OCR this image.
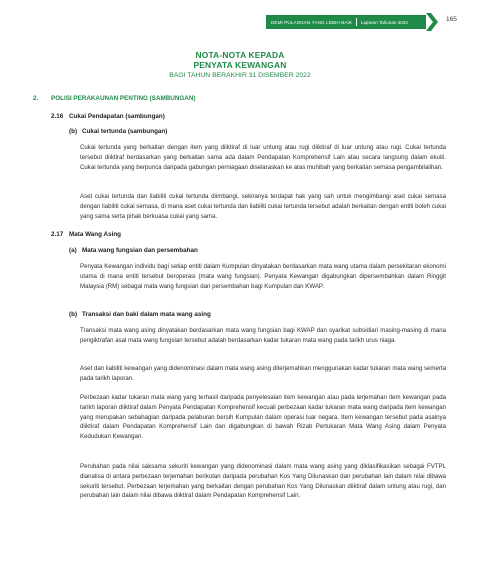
DEMI PULANGAN YANG LEBIH BAIK Laporan Tahunan 2022	165
NOTA-NOTA KEPADA
PENYATA KEWANGAN
BAGI TAHUN BERAKHIR 31 DISEMBER 2022
2. POLISI PERAKAUNAN PENTING (SAMBUNGAN)
2.16 Cukai Pendapatan (sambungan)
(b) Cukai tertunda (sambungan)
Cukai tertunda yang berkaitan dengan item yang diiktiraf di luar untung atau rugi diiktiraf di luar untung atau rugi. Cukai tertunda tersebut diiktiraf berdasarkan yang berkaitan sama ada dalam Pendapatan Komprehensif Lain atau secara langsung dalam ekuiti. Cukai tertunda yang berpunca daripada gabungan perniagaan diselaraskan ke atas muhibah yang berkaitan semasa pengambilalihan.
Aset cukai tertunda dan liabiliti cukai tertunda diimbangi, sekiranya terdapat hak yang sah untuk mengimbangi aset cukai semasa dengan liabiliti cukai semasa, di mana aset cukai tertunda dan liabiliti cukai tertunda tersebut adalah berkaitan dengan entiti boleh cukai yang sama serta pihak berkuasa cukai yang sama.
2.17 Mata Wang Asing
(a) Mata wang fungsian dan persembahan
Penyata Kewangan individu bagi setiap entiti dalam Kumpulan dinyatakan berdasarkan mata wang utama dalam persekitaran ekonomi utama di mana entiti tersebut beroperasi (mata wang fungsian). Penyata Kewangan digabungkan dipersembahkan dalam Ringgit Malaysia (RM) sebagai mata wang fungsian dan persembahan bagi Kumpulan dan KWAP.
(b) Transaksi dan baki dalam mata wang asing
Transaksi mata wang asing dinyatakan berdasarkan mata wang fungsian bagi KWAP dan syarikat subsidiari masing-masing di mana pengiktrafan asal mata wang fungsian tersebut adalah berdasarkan kadar tukaran mata wang pada tarikh urus niaga.
Aset dan liabiliti kewangan yang didenominasi dalam mata wang asing diterjemahkan menggunakan kadar tukaran mata wang semerta pada tarikh laporan.
Perbezaan kadar tukaran mata wang yang terhasil daripada penyelesaian item kewangan atau pada terjemahan item kewangan pada tarikh laporan diiktiraf dalam Penyata Pendapatan Komprehensif kecuali perbezaan kadar tukaran mata wang daripada item kewangan yang merupakan sebahagian daripada pelaburan bersih Kumpulan dalam operasi luar negara. Item kewangan tersebut pada asalnya diiktiraf dalam Pendapatan Komprehensif Lain dan digabungkan di bawah Rizab Pertukaran Mata Wang Asing dalam Penyata Kedudukan Kewangan.
Perubahan pada nilai saksama sekuriti kewangan yang didenominasi dalam mata wang asing yang diklasifikasikan sebagai FVTPL dianalisa di antara perbezaan terjemahan berikutan daripada perubahan Kos Yang Dilunaskan dan perubahan lain dalam nilai dibawa sekuriti tersebut. Perbezaan terjemahan yang berkaitan dengan perubahan Kos Yang Dilunaskan diiktiraf dalam untung atau rugi, dan perubahan lain dalam nilai dibawa diiktiraf dalam Pendapatan Komprehensif Lain.
